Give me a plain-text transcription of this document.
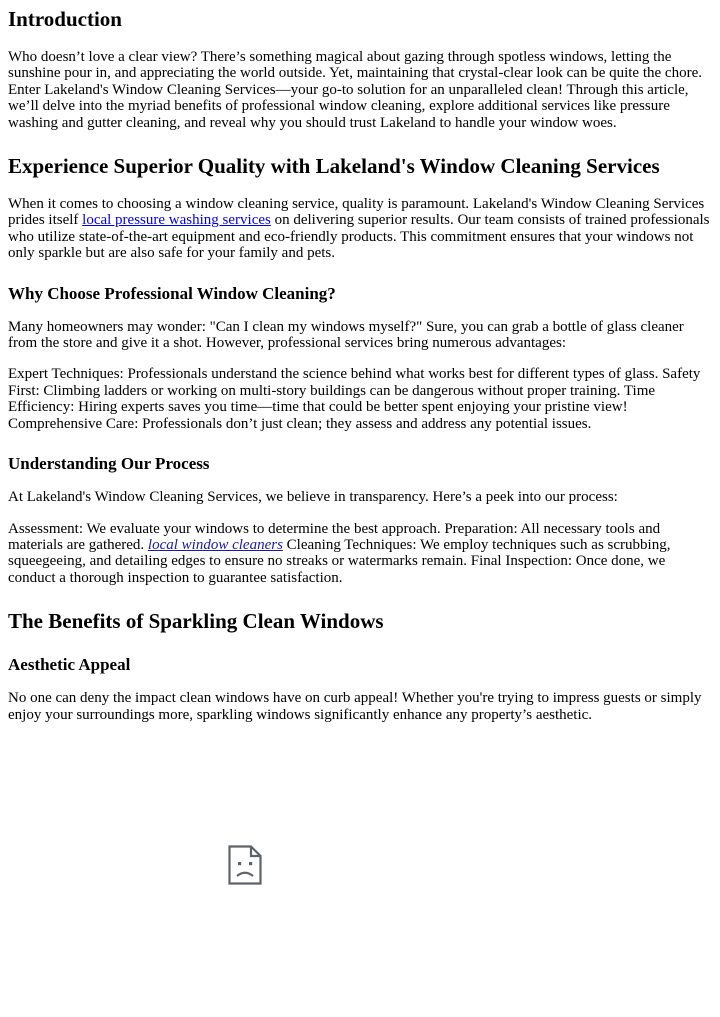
Introduction

Who doesn’t love a clear view? There’s something magical about gazing through spotless windows, letting the sunshine pour in, and appreciating the world outside. Yet, maintaining that crystal-clear look can be quite the chore. Enter Lakeland's Window Cleaning Services—your go-to solution for an unparalleled clean! Through this article, we’ll delve into the myriad benefits of professional window cleaning, explore additional services like pressure washing and gutter cleaning, and reveal why you should trust Lakeland to handle your window woes.

Experience Superior Quality with Lakeland's Window Cleaning Services

When it comes to choosing a window cleaning service, quality is paramount. Lakeland's Window Cleaning Services prides itself local pressure washing services on delivering superior results. Our team consists of trained professionals who utilize state-of-the-art equipment and eco-friendly products. This commitment ensures that your windows not only sparkle but are also safe for your family and pets.

Why Choose Professional Window Cleaning?

Many homeowners may wonder: "Can I clean my windows myself?" Sure, you can grab a bottle of glass cleaner from the store and give it a shot. However, professional services bring numerous advantages:

Expert Techniques: Professionals understand the science behind what works best for different types of glass. Safety First: Climbing ladders or working on multi-story buildings can be dangerous without proper training. Time Efficiency: Hiring experts saves you time—time that could be better spent enjoying your pristine view! Comprehensive Care: Professionals don’t just clean; they assess and address any potential issues.

Understanding Our Process

At Lakeland's Window Cleaning Services, we believe in transparency. Here’s a peek into our process:

Assessment: We evaluate your windows to determine the best approach. Preparation: All necessary tools and materials are gathered. local window cleaners Cleaning Techniques: We employ techniques such as scrubbing, squeegeeing, and detailing edges to ensure no streaks or watermarks remain. Final Inspection: Once done, we conduct a thorough inspection to guarantee satisfaction.

The Benefits of Sparkling Clean Windows
Aesthetic Appeal

No one can deny the impact clean windows have on curb appeal! Whether you're trying to impress guests or simply enjoy your surroundings more, sparkling windows significantly enhance any property’s aesthetic.
